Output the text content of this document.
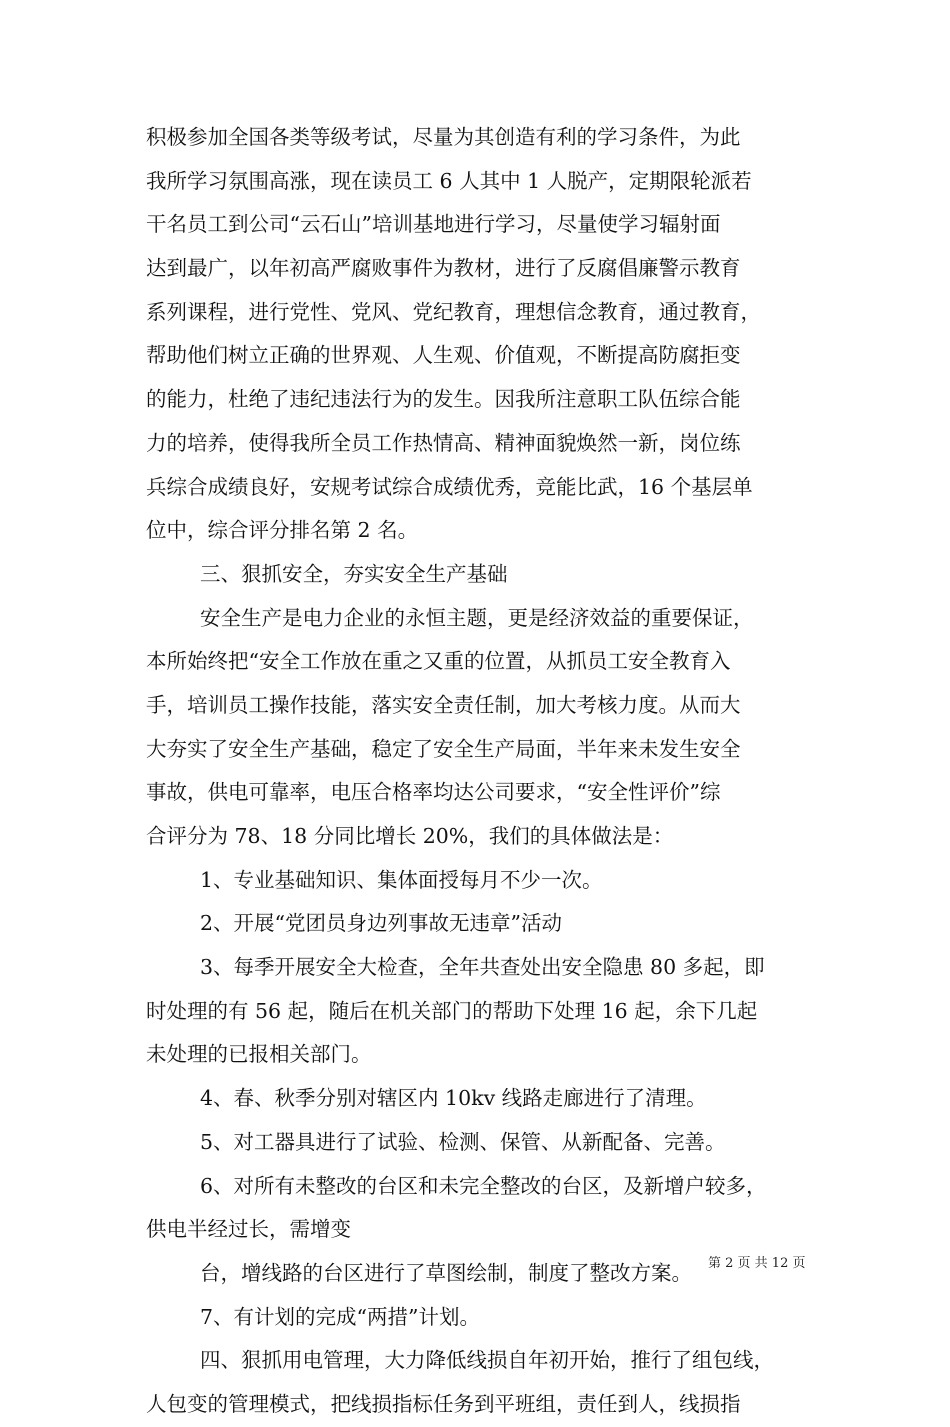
积极参加全国各类等级考试，尽量为其创造有利的学习条件，为此
我所学习氛围高涨，现在读员工 6 人其中 1 人脱产，定期限轮派若
干名员工到公司“云石山”培训基地进行学习，尽量使学习辐射面
达到最广，以年初高严腐败事件为教材，进行了反腐倡廉警示教育
系列课程，进行党性、党风、党纪教育，理想信念教育，通过教育，
帮助他们树立正确的世界观、人生观、价值观，不断提高防腐拒变
的能力，杜绝了违纪违法行为的发生。因我所注意职工队伍综合能
力的培养，使得我所全员工作热情高、精神面貌焕然一新，岗位练
兵综合成绩良好，安规考试综合成绩优秀，竞能比武，16 个基层单
位中，综合评分排名第 2 名。
三、狠抓安全，夯实安全生产基础
安全生产是电力企业的永恒主题，更是经济效益的重要保证，
本所始终把“安全工作放在重之又重的位置，从抓员工安全教育入
手，培训员工操作技能，落实安全责任制，加大考核力度。从而大
大夯实了安全生产基础，稳定了安全生产局面，半年来未发生安全
事故，供电可靠率，电压合格率均达公司要求，“安全性评价”综
合评分为 78、18 分同比增长 20%，我们的具体做法是：
1、专业基础知识、集体面授每月不少一次。
2、开展“党团员身边列事故无违章”活动
3、每季开展安全大检查，全年共查处出安全隐患 80 多起，即
时处理的有 56 起，随后在机关部门的帮助下处理 16 起，余下几起
未处理的已报相关部门。
4、春、秋季分别对辖区内 10kv 线路走廊进行了清理。
5、对工器具进行了试验、检测、保管、从新配备、完善。
6、对所有未整改的台区和未完全整改的台区，及新增户较多，
供电半经过长，需增变
台，增线路的台区进行了草图绘制，制度了整改方案。
7、有计划的完成“两措”计划。
四、狠抓用电管理，大力降低线损自年初开始，推行了组包线，
人包变的管理模式，把线损指标任务到平班组，责任到人，线损指
第 2 页 共 12 页
